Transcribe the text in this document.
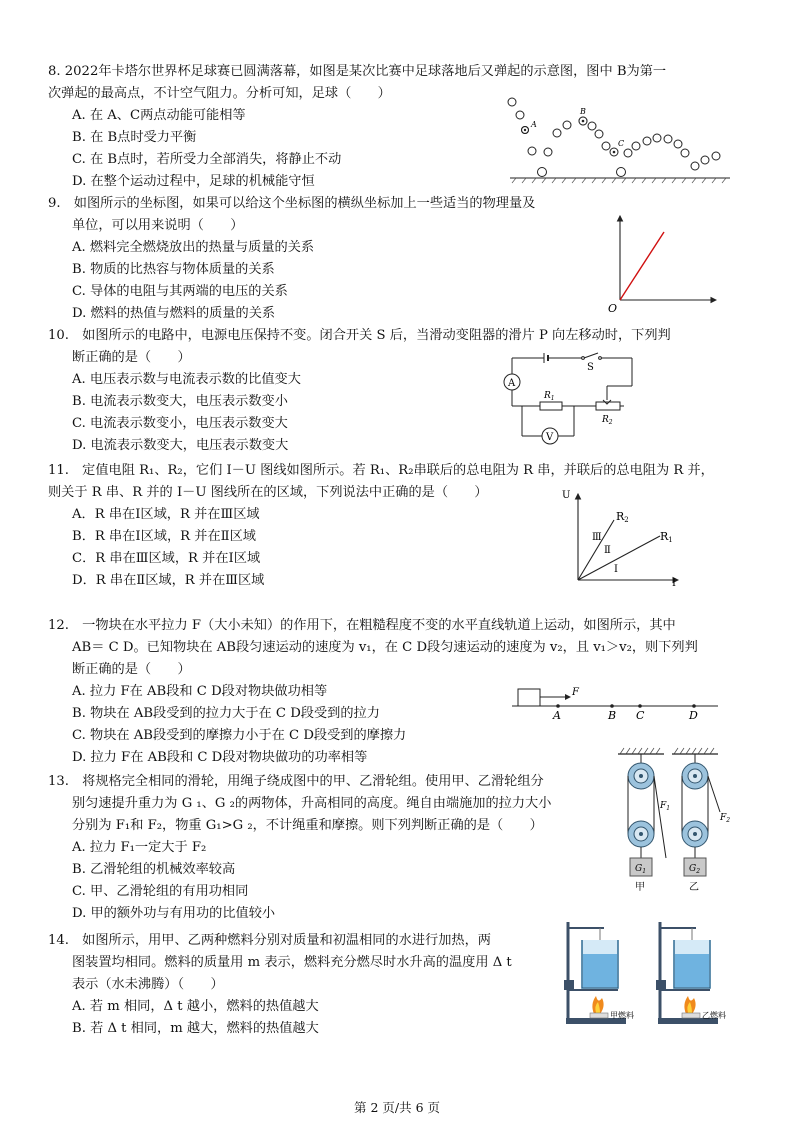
8. 2022年卡塔尔世界杯足球赛已圆满落幕，如图是某次比赛中足球落地后又弹起的示意图，图中 B为第一
次弹起的最高点，不计空气阻力。分析可知，足球（　　）
A. 在 A、C两点动能可能相等
B. 在 B点时受力平衡
C. 在 B点时，若所受力全部消失，将静止不动
D. 在整个运动过程中，足球的机械能守恒
A
B
C
9.　如图所示的坐标图，如果可以给这个坐标图的横纵坐标加上一些适当的物理量及
单位，可以用来说明（　　）
A. 燃料完全燃烧放出的热量与质量的关系
B. 物质的比热容与物体质量的关系
C. 导体的电阻与其两端的电压的关系
D. 燃料的热值与燃料的质量的关系	O
10.　如图所示的电路中，电源电压保持不变。闭合开关 S 后，当滑动变阻器的滑片 P 向左移动时，下列判
断正确的是（　　）
A. 电压表示数与电流表示数的比值变大
B. 电流表示数变大，电压表示数变小
C. 电流表示数变小，电压表示数变大
D. 电流表示数变大，电压表示数变大
A
V
S
$R_1$
$R_2$
11.　定值电阻 R₁、R₂，它们 I－U 图线如图所示。若 R₁、R₂串联后的总电阻为 R 串，并联后的总电阻为 R 并，
则关于 R 串、R 并的 I－U 图线所在的区域，下列说法中正确的是（　　）
A．R 串在Ⅰ区域，R 并在Ⅲ区域
B．R 串在Ⅰ区域，R 并在Ⅱ区域
C．R 串在Ⅲ区域，R 并在Ⅰ区域
D．R 串在Ⅱ区域，R 并在Ⅲ区域
U
I
Ⅲ
Ⅱ
Ⅰ
R2
R1
12.　一物块在水平拉力 F（大小未知）的作用下，在粗糙程度不变的水平直线轨道上运动，如图所示，其中
AB＝ C D。已知物块在 AB段匀速运动的速度为 v₁，在 C D段匀速运动的速度为 v₂，且 v₁＞v₂，则下列判
断正确的是（　　）
A. 拉力 F在 AB段和 C D段对物块做功相等
B. 物块在 AB段受到的拉力大于在 C D段受到的拉力
C. 物块在 AB段受到的摩擦力小于在 C D段受到的摩擦力
D. 拉力 F在 AB段和 C D段对物块做功的功率相等
F
A	B C	D
13.　将规格完全相同的滑轮，用绳子绕成图中的甲、乙滑轮组。使用甲、乙滑轮组分
别匀速提升重力为 G ₁、G ₂的两物体，升高相同的高度。绳自由端施加的拉力大小
分别为 F₁和 F₂，物重 G₁>G ₂，不计绳重和摩擦。则下列判断正确的是（　　）
A. 拉力 F₁一定大于 F₂
B. 乙滑轮组的机械效率较高
C. 甲、乙滑轮组的有用功相同
D. 甲的额外功与有用功的比值较小
$F_1$
$F_2$
$G_1$	$G_2$
甲	乙
14.　如图所示，用甲、乙两种燃料分别对质量和初温相同的水进行加热，两
图装置均相同。燃料的质量用 m 表示，燃料充分燃尽时水升高的温度用 Δ t
表示（水未沸腾）（　　）
A. 若 m 相同，Δ t 越小，燃料的热值越大
B. 若 Δ t 相同，m 越大，燃料的热值越大
甲燃料	乙燃料
第 2 页/共 6 页
